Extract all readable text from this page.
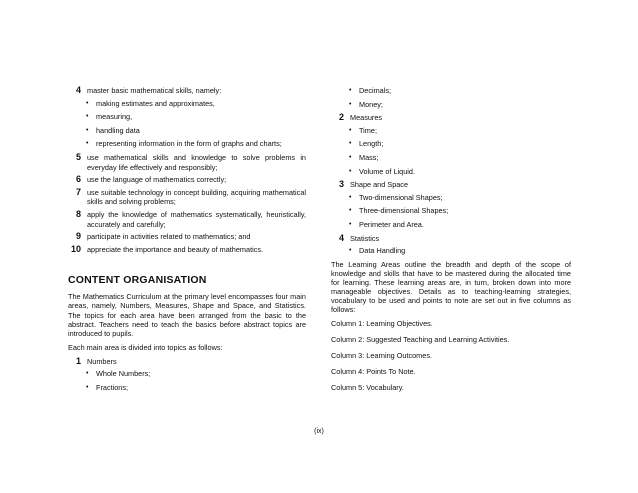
4 master basic mathematical skills, namely:
• making estimates and approximates,
• measuring,
• handling data
• representing information in the form of graphs and charts;
5 use mathematical skills and knowledge to solve problems in everyday life effectively and responsibly;
6 use the language of mathematics correctly;
7 use suitable technology in concept building, acquiring mathematical skills and solving problems;
8 apply the knowledge of mathematics systematically, heuristically, accurately and carefully;
9 participate in activities related to mathematics; and
10 appreciate the importance and beauty of mathematics.
CONTENT ORGANISATION

The Mathematics Curriculum at the primary level encompasses four main areas, namely, Numbers, Measures, Shape and Space, and Statistics. The topics for each area have been arranged from the basic to the abstract. Teachers need to teach the basics before abstract topics are introduced to pupils.

Each main area is divided into topics as follows:

1 Numbers
• Whole Numbers;
• Fractions;
• Decimals;
• Money;
2 Measures
• Time;
• Length;
• Mass;
• Volume of Liquid.
3 Shape and Space
• Two-dimensional Shapes;
• Three-dimensional Shapes;
• Perimeter and Area.
4 Statistics
• Data Handling

The Learning Areas outline the breadth and depth of the scope of knowledge and skills that have to be mastered during the allocated time for learning. These learning areas are, in turn, broken down into more manageable objectives. Details as to teaching-learning strategies, vocabulary to be used and points to note are set out in five columns as follows:

Column 1: Learning Objectives.
Column 2: Suggested Teaching and Learning Activities.
Column 3: Learning Outcomes.
Column 4: Points To Note.
Column 5: Vocabulary.
(ix)
